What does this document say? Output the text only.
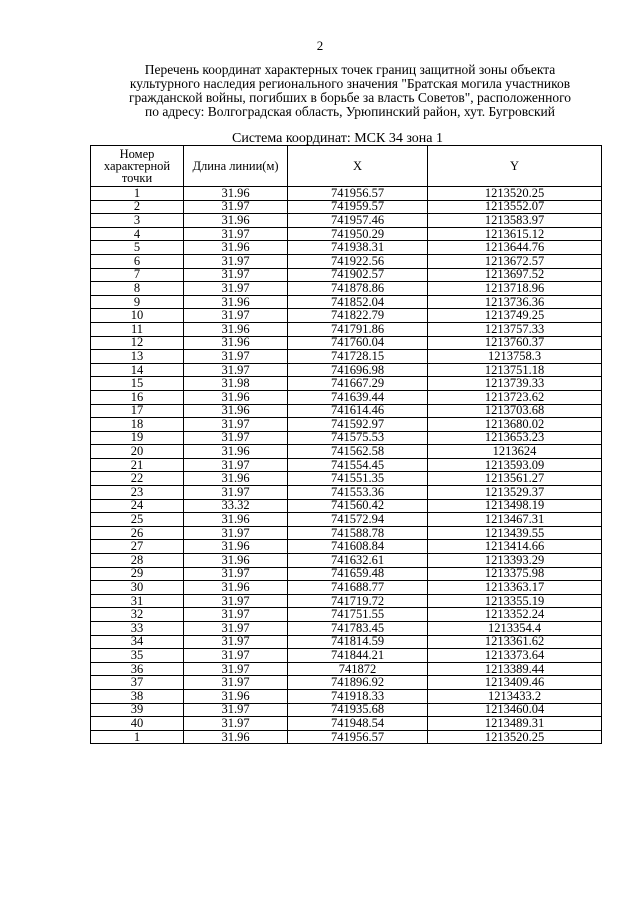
2
Перечень координат характерных точек границ защитной зоны объекта
культурного наследия регионального значения "Братская могила участников
гражданской войны, погибших в борьбе за власть Советов", расположенного
по адресу: Волгоградская область, Урюпинский район, хут. Бугровский
Система координат: МСК 34 зона 1
Номер характерной точки	Длина линии(м)	X	Y
1	31.96	741956.57	1213520.25
2	31.97	741959.57	1213552.07
3	31.96	741957.46	1213583.97
4	31.97	741950.29	1213615.12
5	31.96	741938.31	1213644.76
6	31.97	741922.56	1213672.57
7	31.97	741902.57	1213697.52
8	31.97	741878.86	1213718.96
9	31.96	741852.04	1213736.36
10	31.97	741822.79	1213749.25
11	31.96	741791.86	1213757.33
12	31.96	741760.04	1213760.37
13	31.97	741728.15	1213758.3
14	31.97	741696.98	1213751.18
15	31.98	741667.29	1213739.33
16	31.96	741639.44	1213723.62
17	31.96	741614.46	1213703.68
18	31.97	741592.97	1213680.02
19	31.97	741575.53	1213653.23
20	31.96	741562.58	1213624
21	31.97	741554.45	1213593.09
22	31.96	741551.35	1213561.27
23	31.97	741553.36	1213529.37
24	33.32	741560.42	1213498.19
25	31.96	741572.94	1213467.31
26	31.97	741588.78	1213439.55
27	31.96	741608.84	1213414.66
28	31.96	741632.61	1213393.29
29	31.97	741659.48	1213375.98
30	31.96	741688.77	1213363.17
31	31.97	741719.72	1213355.19
32	31.97	741751.55	1213352.24
33	31.97	741783.45	1213354.4
34	31.97	741814.59	1213361.62
35	31.97	741844.21	1213373.64
36	31.97	741872	1213389.44
37	31.97	741896.92	1213409.46
38	31.96	741918.33	1213433.2
39	31.97	741935.68	1213460.04
40	31.97	741948.54	1213489.31
1	31.96	741956.57	1213520.25
